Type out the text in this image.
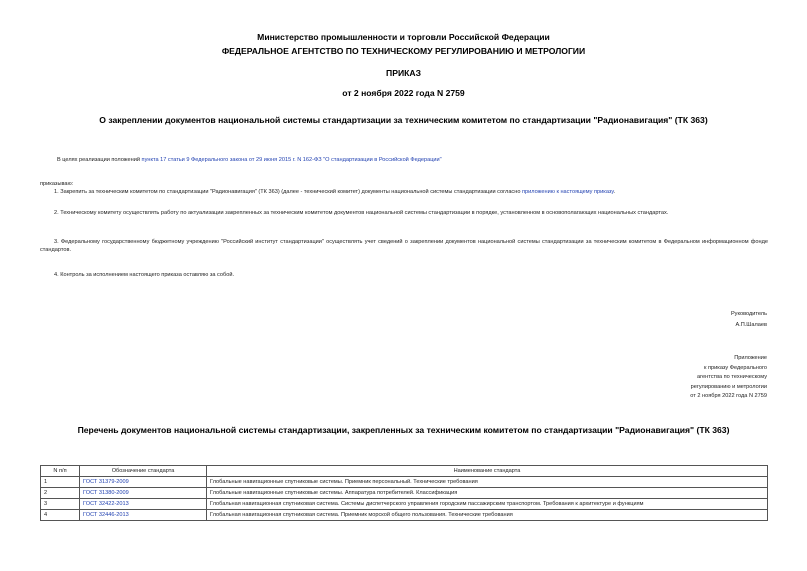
Министерство промышленности и торговли Российской Федерации
ФЕДЕРАЛЬНОЕ АГЕНТСТВО ПО ТЕХНИЧЕСКОМУ РЕГУЛИРОВАНИЮ И МЕТРОЛОГИИ
ПРИКАЗ
от 2 ноября 2022 года N 2759
О закреплении документов национальной системы стандартизации за техническим комитетом по стандартизации "Радионавигация" (ТК 363)
В целях реализации положений пункта 17 статьи 9 Федерального закона от 29 июня 2015 г. N 162-ФЗ "О стандартизации в Российской Федерации"
приказываю:
1. Закрепить за техническим комитетом по стандартизации "Радионавигация" (ТК 363) (далее - технический комитет) документы национальной системы стандартизации согласно приложению к настоящему приказу.
2. Техническому комитету осуществлять работу по актуализации закрепленных за техническим комитетом документов национальной системы стандартизации в порядке, установленном в основополагающих национальных стандартах.
3. Федеральному государственному бюджетному учреждению "Российский институт стандартизации" осуществлять учет сведений о закреплении документов национальной системы стандартизации за техническим комитетом в Федеральном информационном фонде стандартов.
4. Контроль за исполнением настоящего приказа оставляю за собой.
Руководитель
А.П.Шалаев
Приложение
к приказу Федерального
агентства по техническому
регулированию и метрологии
от 2 ноября 2022 года N 2759
Перечень документов национальной системы стандартизации, закрепленных за техническим комитетом по стандартизации "Радионавигация" (ТК 363)
N п/п	Обозначение стандарта	Наименование стандарта
1	ГОСТ 31379-2009	Глобальные навигационные спутниковые системы. Приемник персональный. Технические требования
2	ГОСТ 31380-2009	Глобальные навигационные спутниковые системы. Аппаратура потребителей. Классификация
3	ГОСТ 32422-2013	Глобальная навигационная спутниковая система. Системы диспетчерского управления городским пассажирским транспортом. Требования к архитектуре и функциям
4	ГОСТ 32446-2013	Глобальная навигационная спутниковая система. Приемник морской общего пользования. Технические требования
